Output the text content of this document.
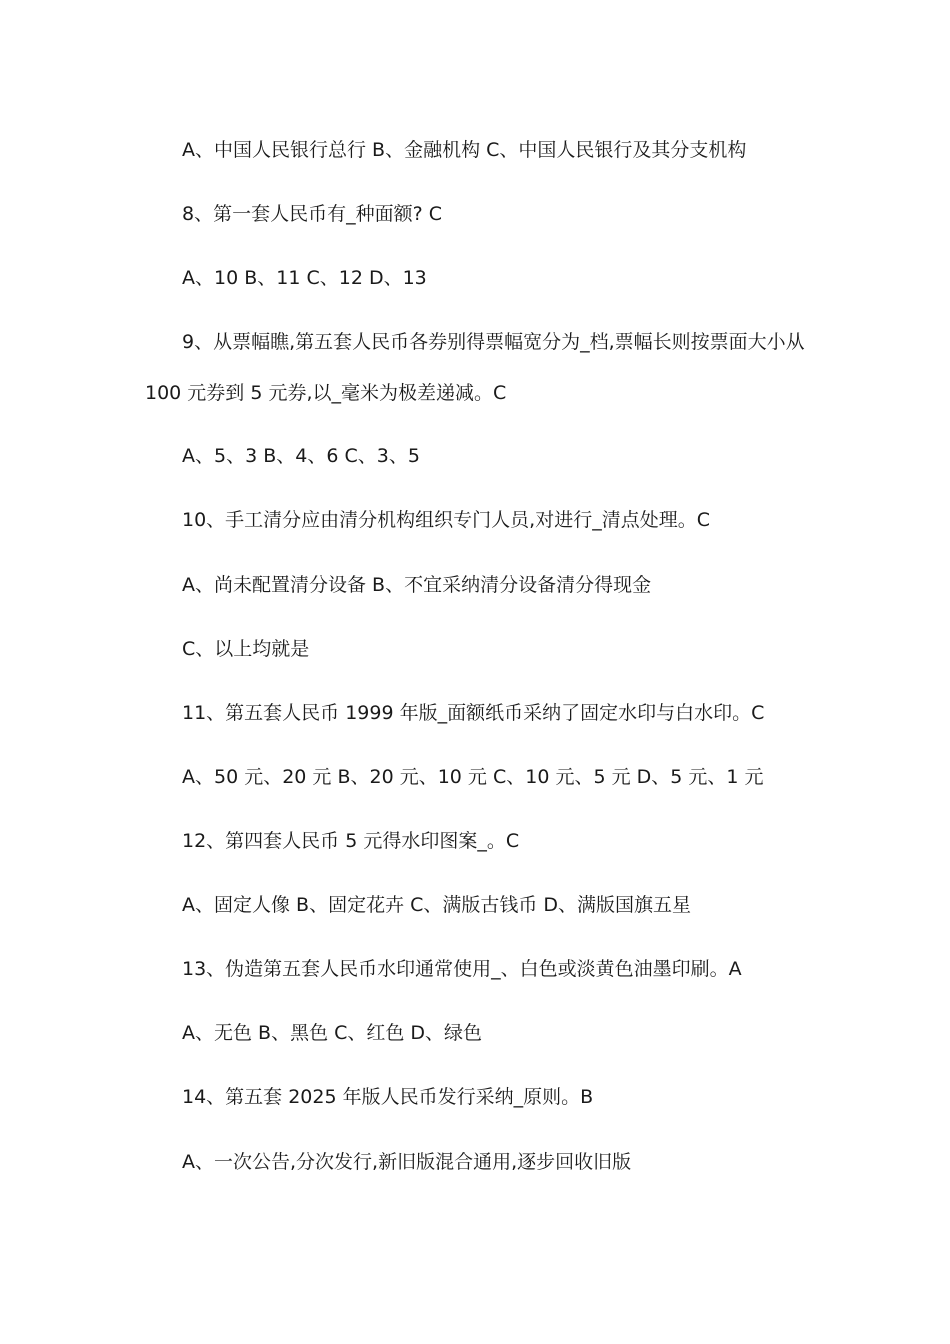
A、中国人民银行总行 B、金融机构 C、中国人民银行及其分支机构
8、第一套人民币有_种面额? C
A、10 B、11 C、12 D、13
9、从票幅瞧,第五套人民币各券别得票幅宽分为_档,票幅长则按票面大小从
100 元券到 5 元券,以_毫米为极差递减。C
A、5、3 B、4、6 C、3、5
10、手工清分应由清分机构组织专门人员,对进行_清点处理。C
A、尚未配置清分设备 B、不宜采纳清分设备清分得现金
C、以上均就是
11、第五套人民币 1999 年版_面额纸币采纳了固定水印与白水印。C
A、50 元、20 元 B、20 元、10 元 C、10 元、5 元 D、5 元、1 元
12、第四套人民币 5 元得水印图案_。C
A、固定人像 B、固定花卉 C、满版古钱币 D、满版国旗五星
13、伪造第五套人民币水印通常使用_、白色或淡黄色油墨印刷。A
A、无色 B、黑色 C、红色 D、绿色
14、第五套 2025 年版人民币发行采纳_原则。B
A、一次公告,分次发行,新旧版混合通用,逐步回收旧版
